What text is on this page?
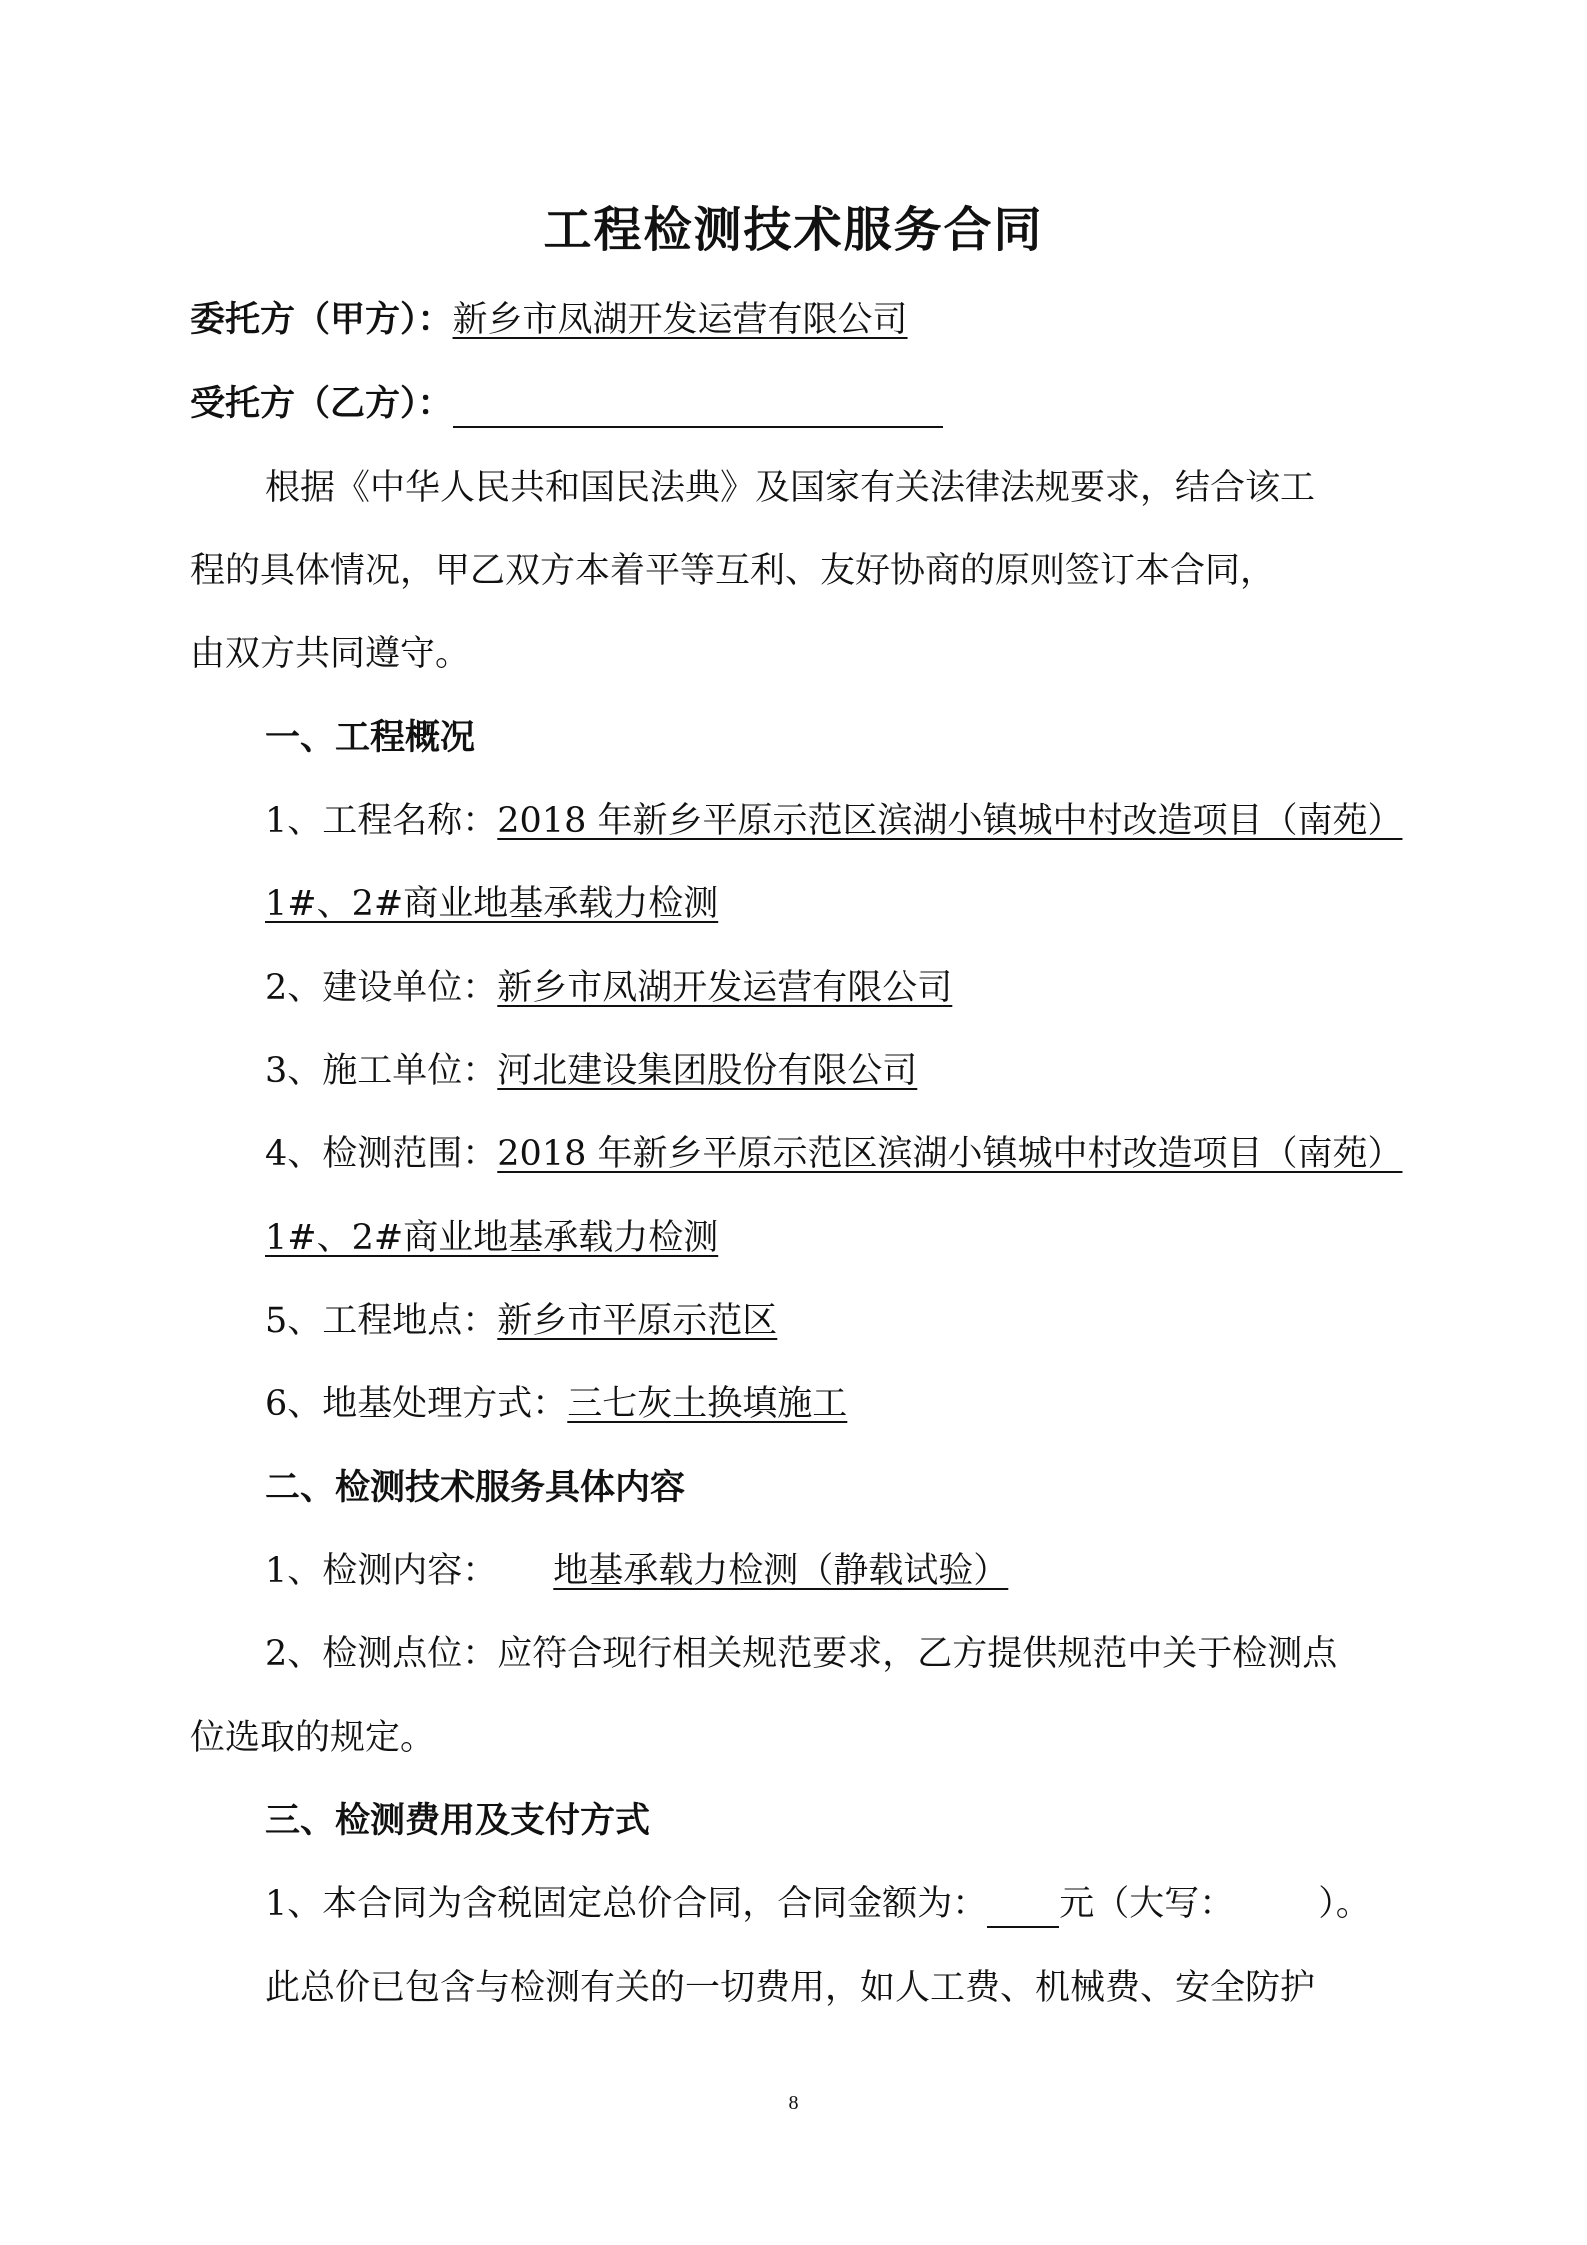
工程检测技术服务合同
委托方（甲方）：新乡市凤湖开发运营有限公司
受托方（乙方）：
根据《中华人民共和国民法典》及国家有关法律法规要求，结合该工
程的具体情况，甲乙双方本着平等互利、友好协商的原则签订本合同，
由双方共同遵守。
一、工程概况
1、工程名称：2018 年新乡平原示范区滨湖小镇城中村改造项目（南苑）
1#、2#商业地基承载力检测
2、建设单位：新乡市凤湖开发运营有限公司
3、施工单位：河北建设集团股份有限公司
4、检测范围：2018 年新乡平原示范区滨湖小镇城中村改造项目（南苑）
1#、2#商业地基承载力检测
5、工程地点：新乡市平原示范区
6、地基处理方式：三七灰土换填施工
二、检测技术服务具体内容
1、检测内容： 地基承载力检测（静载试验）
2、检测点位：应符合现行相关规范要求，乙方提供规范中关于检测点
位选取的规定。
三、检测费用及支付方式
1、本合同为含税固定总价合同，合同金额为： 元（大写： ）。
此总价已包含与检测有关的一切费用，如人工费、机械费、安全防护
8
